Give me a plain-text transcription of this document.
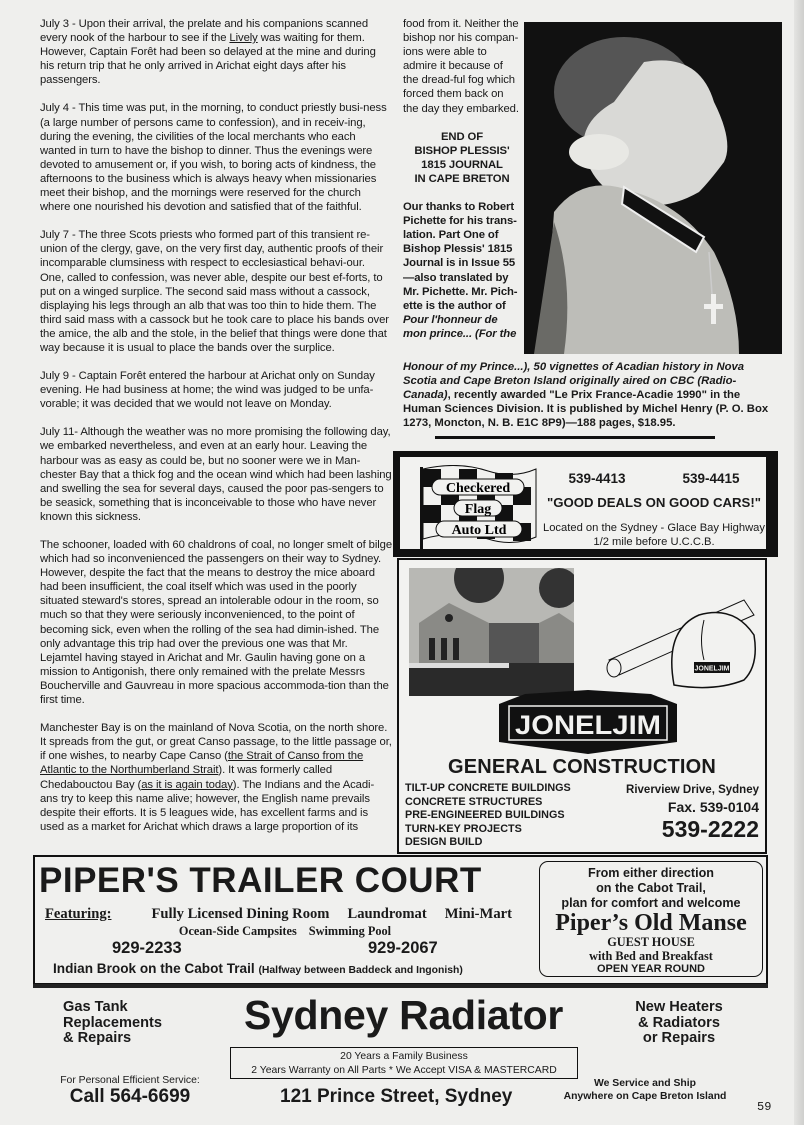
July 3 - Upon their arrival, the prelate and his companions scanned every nook of the harbour to see if the Lively was waiting for them. However, Captain Forêt had been so delayed at the mine and during his return trip that he only arrived in Arichat eight days after his passengers.

July 4 - This time was put, in the morning, to conduct priestly busi-ness (a large number of persons came to confession), and in receiv-ing, during the evening, the civilities of the local merchants who each wanted in turn to have the bishop to dinner. Thus the evenings were devoted to amusement or, if you wish, to boring acts of kindness, the afternoons to the business which is always heavy when missionaries meet their bishop, and the mornings were reserved for the church where one nourished his devotion and satisfied that of the faithful.

July 7 - The three Scots priests who formed part of this transient re-union of the clergy, gave, on the very first day, authentic proofs of their incomparable clumsiness with respect to ecclesiastical behavi-our. One, called to confession, was never able, despite our best ef-forts, to put on a winged surplice. The second said mass without a cassock, displaying his legs through an alb that was too thin to hide them. The third said mass with a cassock but he took care to place his bands over the amice, the alb and the stole, in the belief that things were done that way because it is usual to place the bands over the surplice.

July 9 - Captain Forêt entered the harbour at Arichat only on Sunday evening. He had business at home; the wind was judged to be unfa-vorable; it was decided that we would not leave on Monday.

July 11- Although the weather was no more promising the following day, we embarked nevertheless, and even at an early hour. Leaving the harbour was as easy as could be, but no sooner were we in Man-chester Bay that a thick fog and the ocean wind which had been lashing and swelling the sea for several days, caused the poor pas-sengers to be seasick, something that is inconceivable to those who have never known this sickness.

The schooner, loaded with 60 chaldrons of coal, no longer smelt of bilge which had so inconvenienced the passengers on their way to Sydney. However, despite the fact that the means to destroy the mice aboard had been insufficient, the coal itself which was used in the poorly situated steward's stores, spread an intolerable odour in the room, so much so that they were seriously inconvenienced, to the point of becoming sick, even when the rolling of the sea had dimin-ished. The only advantage this trip had over the previous one was that Mr. Lejamtel having stayed in Arichat and Mr. Gaulin having gone on a mission to Antigonish, there only remained with the prelate Messrs Boucherville and Gauvreau in more spacious accommoda-tion than the first time.

Manchester Bay is on the mainland of Nova Scotia, on the north shore. It spreads from the gut, or great Canso passage, to the little passage or, if one wishes, to nearby Cape Canso (the Strait of Canso from the Atlantic to the Northumberland Strait). It was formerly called Chedabouctou Bay (as it is again today). The Indians and the Acadi-ans try to keep this name alive; however, the English name prevails despite their efforts. It is 5 leagues wide, has excellent farms and is used as a market for Arichat which draws a large proportion of its

food from it. Neither the bishop nor his compan-ions were able to admire it because of the dread-ful fog which forced them back on the day they embarked.

END OF
BISHOP PLESSIS'
1815 JOURNAL
IN CAPE BRETON
Our thanks to Robert Pichette for his trans-lation. Part One of Bishop Plessis' 1815 Journal is in Issue 55—also translated by Mr. Pichette. Mr. Pich-ette is the author of
Pour l'honneur de mon prince... (For the
Honour of my Prince...), 50 vignettes of Acadian history in Nova Scotia and Cape Breton Island originally aired on CBC (Radio-Canada), recently awarded "Le Prix France-Acadie 1990" in the Human Sciences Division. It is published by Michel Henry (P. O. Box 1273, Moncton, N. B. E1C 8P9)—188 pages, $18.95.
Checkered
Flag
Auto Ltd
539-4413	539-4415
"GOOD DEALS ON GOOD CARS!"
Located on the Sydney - Glace Bay Highway
1/2 mile before U.C.C.B.
JONELJIM
JONELJIM
GENERAL CONSTRUCTION
TILT-UP CONCRETE BUILDINGS
CONCRETE STRUCTURES
PRE-ENGINEERED BUILDINGS
TURN-KEY PROJECTS
DESIGN BUILD
Riverview Drive, Sydney
Fax. 539-0104
539-2222
PIPER'S TRAILER COURT
Featuring:	Fully Licensed Dining Room Laundromat Mini-Mart
Ocean-Side Campsites Swimming Pool
929-2233	929-2067
Indian Brook on the Cabot Trail (Halfway between Baddeck and Ingonish)
From either direction
on the Cabot Trail,
plan for comfort and welcome
Piper’s Old Manse
GUEST HOUSE
with Bed and Breakfast
OPEN YEAR ROUND
Gas Tank
Replacements
& Repairs	Sydney Radiator	New Heaters
& Radiators
or Repairs
20 Years a Family Business
2 Years Warranty on All Parts * We Accept VISA & MASTERCARD
For Personal Efficient Service:
Call 564-6699	121 Prince Street, Sydney
We Service and Ship
Anywhere on Cape Breton Island
59
